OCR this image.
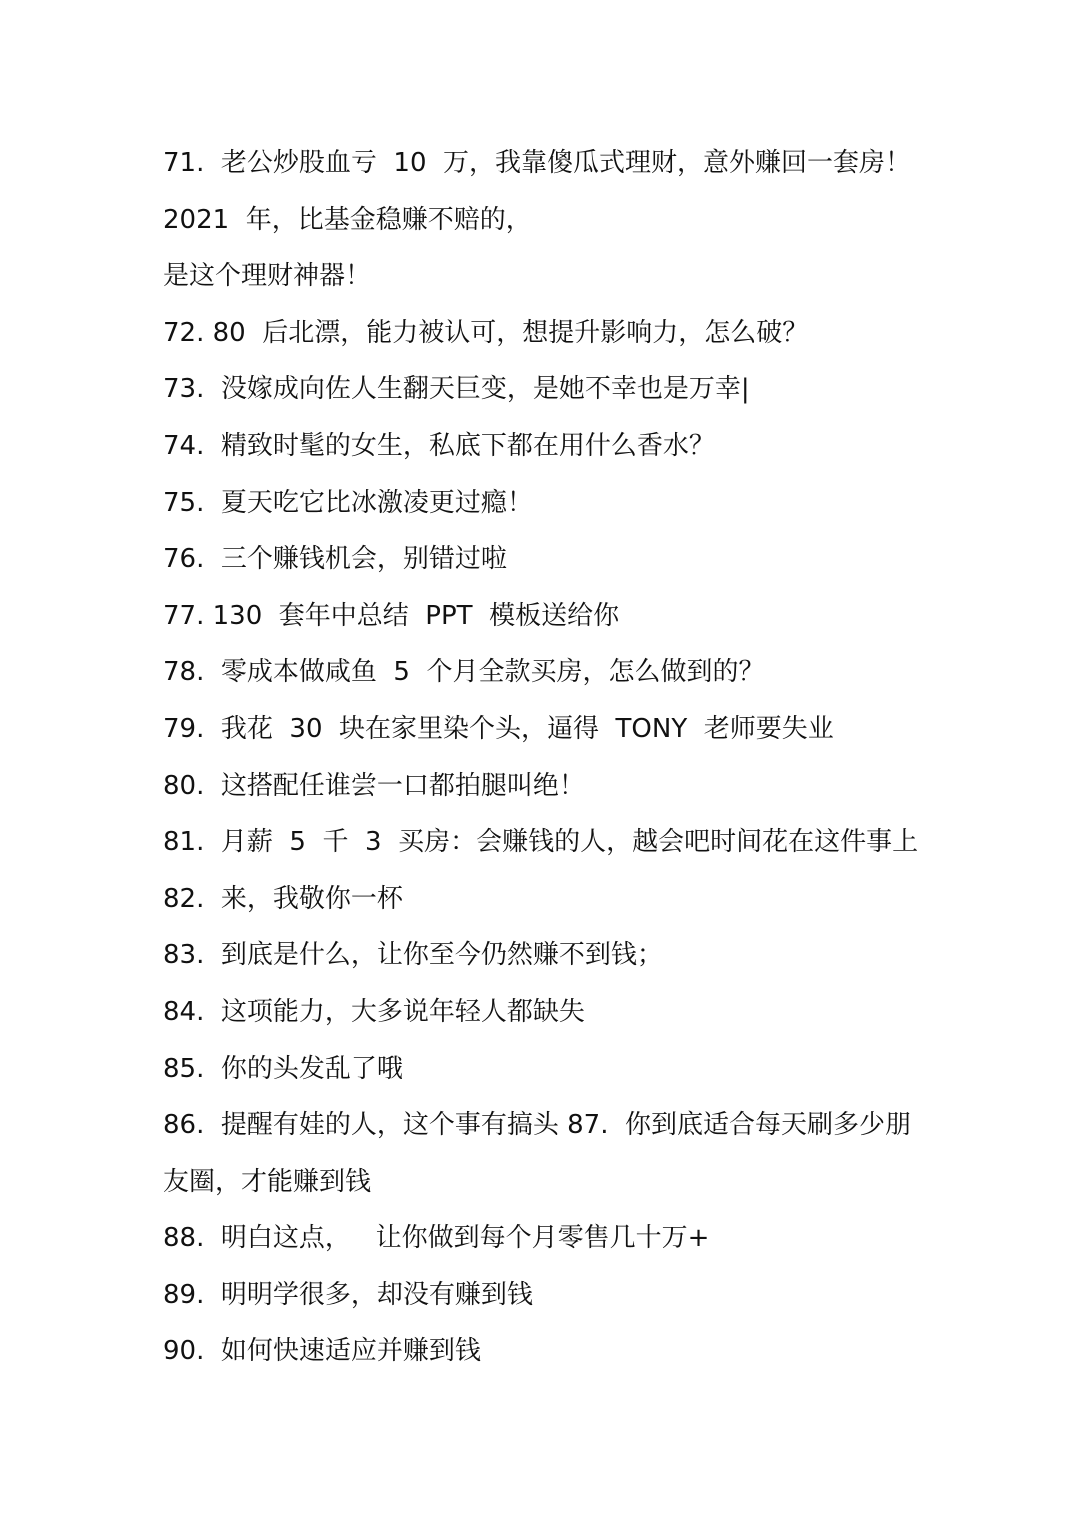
71.  老公炒股血亏  10  万，我靠傻瓜式理财，意外赚回一套房！
2021  年，比基金稳赚不赔的，
是这个理财神器！
72. 80  后北漂，能力被认可，想提升影响力，怎么破？
73.  没嫁成向佐人生翻天巨变，是她不幸也是万幸|
74.  精致时髦的女生，私底下都在用什么香水？
75.  夏天吃它比冰激凌更过瘾！
76.  三个赚钱机会，别错过啦
77. 130  套年中总结  PPT  模板送给你
78.  零成本做咸鱼  5  个月全款买房，怎么做到的？
79.  我花  30  块在家里染个头，逼得  TONY  老师要失业
80.  这搭配任谁尝一口都拍腿叫绝！
81.  月薪  5  千  3  买房：会赚钱的人，越会吧时间花在这件事上
82.  来，我敬你一杯
83.  到底是什么，让你至今仍然赚不到钱；
84.  这项能力，大多说年轻人都缺失
85.  你的头发乱了哦
86.  提醒有娃的人，这个事有搞头 87.  你到底适合每天刷多少朋
友圈，才能赚到钱
88.  明白这点，   让你做到每个月零售几十万+
89.  明明学很多，却没有赚到钱
90.  如何快速适应并赚到钱
